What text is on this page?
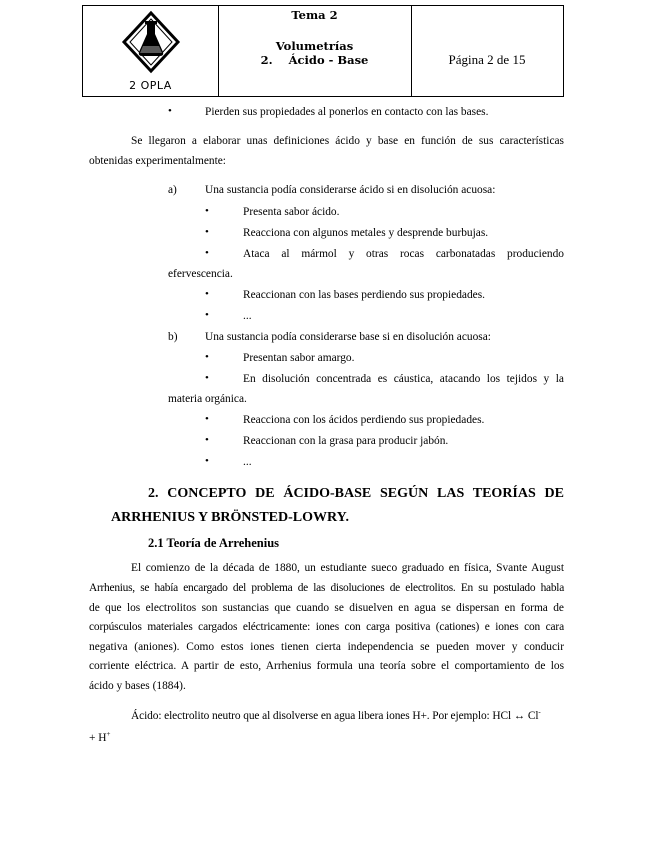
2 OPLA
Tema 2
Volumetrías
2.    Ácido - Base	Página 2 de 15
•	Pierden sus propiedades al ponerlos en contacto con las bases.
Se llegaron a elaborar unas definiciones ácido y base en función de sus características
obtenidas experimentalmente:
a) Una sustancia podía considerarse ácido si en disolución acuosa:
•	Presenta sabor ácido.
•	Reacciona con algunos metales y desprende burbujas.
•	Ataca al mármol y otras rocas carbonatadas produciendo
efervescencia.
•	Reaccionan con las bases perdiendo sus propiedades.
•	...
b) Una sustancia podía considerarse base si en disolución acuosa:
•	Presentan sabor amargo.
•	En disolución concentrada es cáustica, atacando los tejidos y la
materia orgánica.
•	Reacciona con los ácidos perdiendo sus propiedades.
•	Reaccionan con la grasa para producir jabón.
•	...
2. CONCEPTO DE ÁCIDO-BASE SEGÚN LAS TEORÍAS DE
ARRHENIUS Y BRÖNSTED-LOWRY.
2.1 Teoría de Arrehenius
El comienzo de la década de 1880, un estudiante sueco graduado en física, Svante August
Arrhenius, se había encargado del problema de las disoluciones de electrolitos. En su postulado habla
de que los electrolitos son sustancias que cuando se disuelven en agua se dispersan en forma de
corpúsculos materiales cargados eléctricamente: iones con carga positiva (cationes) e iones con cara
negativa (aniones). Como estos iones tienen cierta independencia se pueden mover y conducir
corriente eléctrica. A partir de esto, Arrhenius formula una teoría sobre el comportamiento de los
ácido y bases (1884).
Ácido: electrolito neutro que al disolverse en agua libera iones H+. Por ejemplo: HCl ↔ Cl-
+ H+
